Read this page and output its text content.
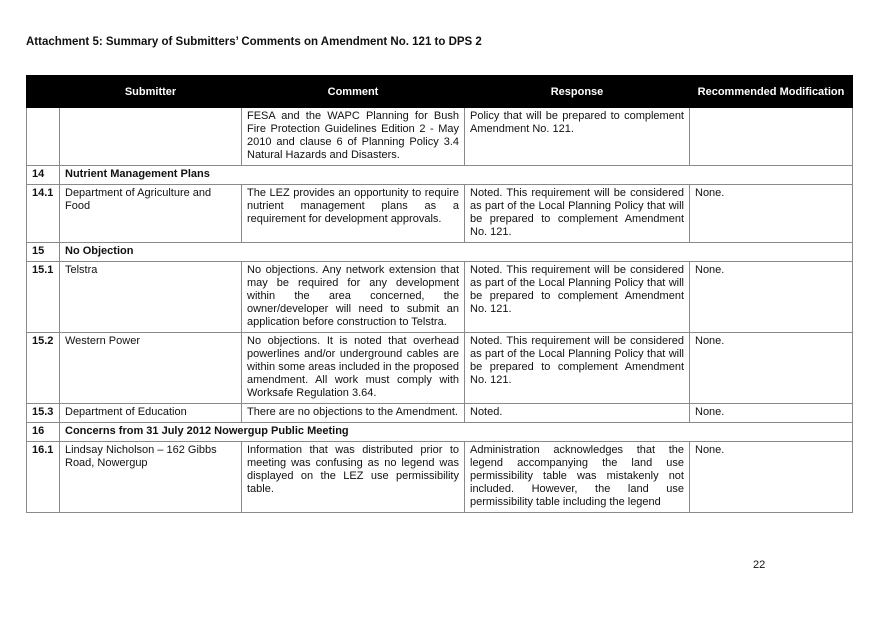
Attachment 5: Summary of Submitters’ Comments on Amendment No. 121 to DPS 2
	Submitter	Comment	Response	Recommended Modification
		FESA and the WAPC Planning for Bush Fire Protection Guidelines Edition 2 - May 2010 and clause 6 of Planning Policy 3.4 Natural Hazards and Disasters.	Policy that will be prepared to complement Amendment No. 121.	
14	Nutrient Management Plans			
14.1	Department of Agriculture and Food	The LEZ provides an opportunity to require nutrient management plans as a requirement for development approvals.	Noted. This requirement will be considered as part of the Local Planning Policy that will be prepared to complement Amendment No. 121.	None.
15	No Objection			
15.1	Telstra	No objections. Any network extension that may be required for any development within the area concerned, the owner/developer will need to submit an application before construction to Telstra.	Noted. This requirement will be considered as part of the Local Planning Policy that will be prepared to complement Amendment No. 121.	None.
15.2	Western Power	No objections. It is noted that overhead powerlines and/or underground cables are within some areas included in the proposed amendment. All work must comply with Worksafe Regulation 3.64.	Noted. This requirement will be considered as part of the Local Planning Policy that will be prepared to complement Amendment No. 121.	None.
15.3	Department of Education	There are no objections to the Amendment.	Noted.	None.
16	Concerns from 31 July 2012 Nowergup Public Meeting			
16.1	Lindsay Nicholson – 162 Gibbs Road, Nowergup	Information that was distributed prior to meeting was confusing as no legend was displayed on the LEZ use permissibility table.	Administration acknowledges that the legend accompanying the land use permissibility table was mistakenly not included. However, the land use permissibility table including the legend	None.
22
